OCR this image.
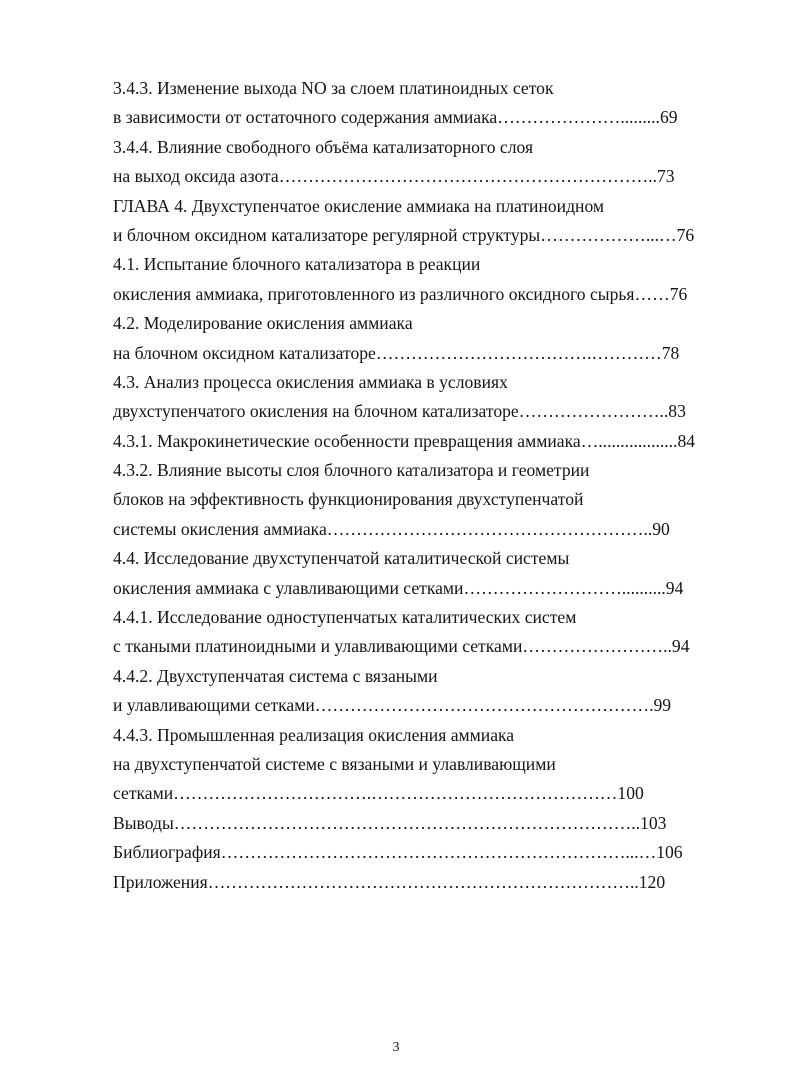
3.4.3. Изменение выхода NO за слоем платиноидных сеток
в зависимости от остаточного содержания аммиака………………….........69
3.4.4. Влияние свободного объёма катализаторного слоя
на выход оксида азота………………………………………………………..73
ГЛАВА 4. Двухступенчатое окисление аммиака на платиноидном
и блочном оксидном катализаторе регулярной структуры………………...…76
4.1. Испытание блочного катализатора в реакции
окисления аммиака, приготовленного из различного оксидного сырья……76
4.2. Моделирование окисления аммиака
на блочном оксидном катализаторе……………………………….…………78
4.3. Анализ процесса окисления аммиака в условиях
двухступенчатого окисления на блочном катализаторе……………………..83
4.3.1. Макрокинетические особенности превращения аммиака…..................84
4.3.2. Влияние высоты слоя блочного катализатора и геометрии
блоков на эффективность функционирования двухступенчатой
системы окисления аммиака………………………………………………..90
4.4. Исследование двухступенчатой каталитической системы
окисления аммиака с улавливающими сетками………………………..........94
4.4.1. Исследование одноступенчатых каталитических систем
с ткаными платиноидными и улавливающими сетками……………………..94
4.4.2. Двухступенчатая система с вязаными
и улавливающими сетками………………………………………………….99
4.4.3. Промышленная реализация окисления аммиака
на двухступенчатой системе с вязаными и улавливающими
сетками…………………………….……………………………………100
Выводы……………………………………………………………………..103
Библиография……………………………………………………………...…106
Приложения………………………………………………………………..120
3
